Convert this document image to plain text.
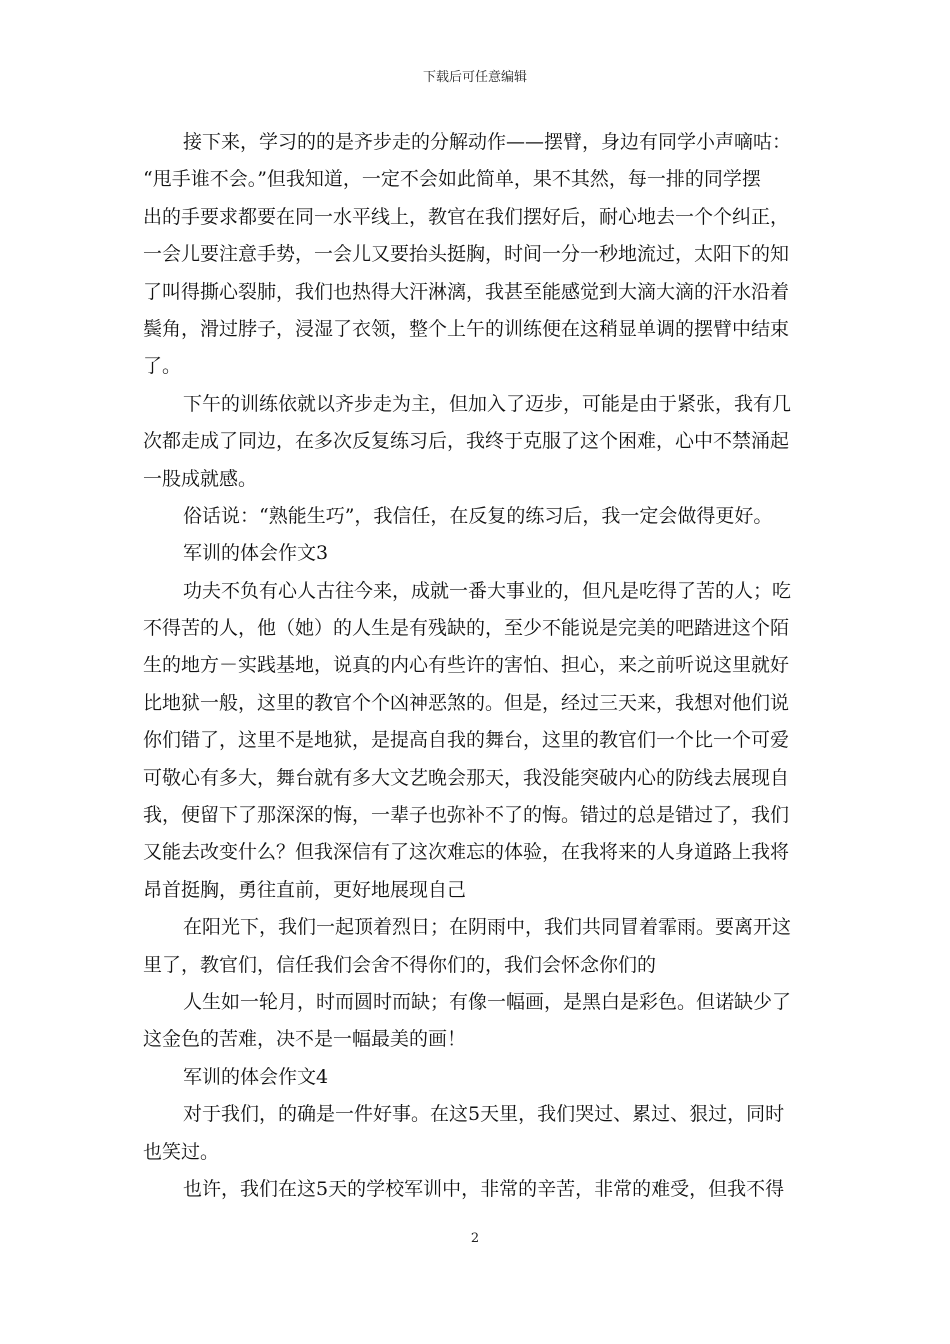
下载后可任意编辑
接下来，学习的的是齐步走的分解动作——摆臂，身边有同学小声嘀咕：
“甩手谁不会。”但我知道，一定不会如此简单，果不其然，每一排的同学摆
出的手要求都要在同一水平线上，教官在我们摆好后，耐心地去一个个纠正，
一会儿要注意手势，一会儿又要抬头挺胸，时间一分一秒地流过，太阳下的知
了叫得撕心裂肺，我们也热得大汗淋漓，我甚至能感觉到大滴大滴的汗水沿着
鬓角，滑过脖子，浸湿了衣领，整个上午的训练便在这稍显单调的摆臂中结束
了。
下午的训练依就以齐步走为主，但加入了迈步，可能是由于紧张，我有几
次都走成了同边，在多次反复练习后，我终于克服了这个困难，心中不禁涌起
一股成就感。
俗话说：“熟能生巧”，我信任，在反复的练习后，我一定会做得更好。
军训的体会作文3
功夫不负有心人古往今来，成就一番大事业的，但凡是吃得了苦的人；吃
不得苦的人，他（她）的人生是有残缺的，至少不能说是完美的吧踏进这个陌
生的地方－实践基地，说真的内心有些许的害怕、担心，来之前听说这里就好
比地狱一般，这里的教官个个凶神恶煞的。但是，经过三天来，我想对他们说
你们错了，这里不是地狱，是提高自我的舞台，这里的教官们一个比一个可爱
可敬心有多大，舞台就有多大文艺晚会那天，我没能突破内心的防线去展现自
我，便留下了那深深的悔，一辈子也弥补不了的悔。错过的总是错过了，我们
又能去改变什么？但我深信有了这次难忘的体验，在我将来的人身道路上我将
昂首挺胸，勇往直前，更好地展现自己
在阳光下，我们一起顶着烈日；在阴雨中，我们共同冒着霏雨。要离开这
里了，教官们，信任我们会舍不得你们的，我们会怀念你们的
人生如一轮月，时而圆时而缺；有像一幅画，是黑白是彩色。但诺缺少了
这金色的苦难，决不是一幅最美的画！
军训的体会作文4
对于我们，的确是一件好事。在这5天里，我们哭过、累过、狠过，同时
也笑过。
也许，我们在这5天的学校军训中，非常的辛苦，非常的难受，但我不得
2
